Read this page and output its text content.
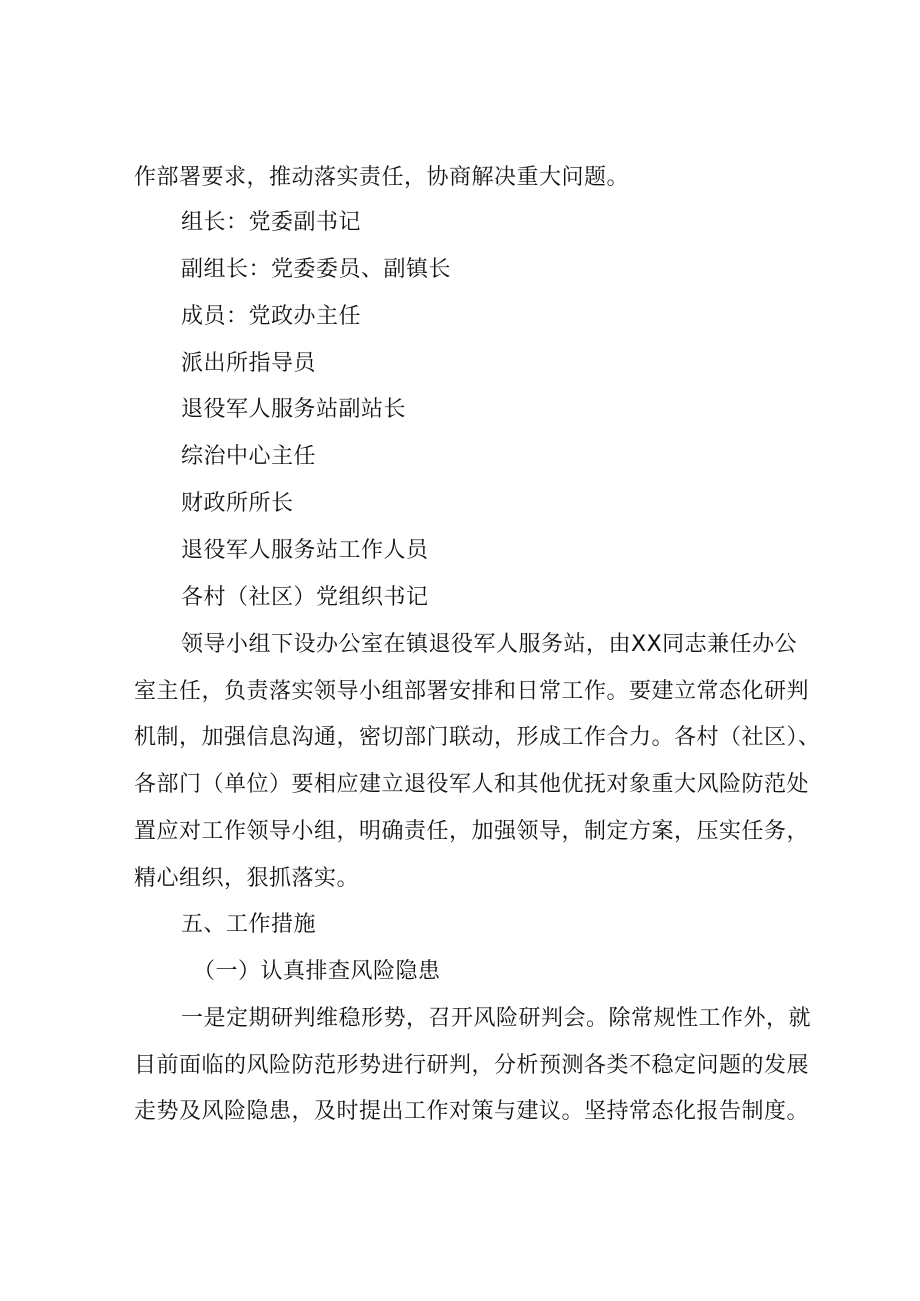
作部署要求，推动落实责任，协商解决重大问题。
组长：党委副书记
副组长：党委委员、副镇长
成员：党政办主任
派出所指导员
退役军人服务站副站长
综治中心主任
财政所所长
退役军人服务站工作人员
各村（社区）党组织书记
领导小组下设办公室在镇退役军人服务站，由XX同志兼任办公
室主任，负责落实领导小组部署安排和日常工作。要建立常态化研判
机制，加强信息沟通，密切部门联动，形成工作合力。各村（社区）、
各部门（单位）要相应建立退役军人和其他优抚对象重大风险防范处
置应对工作领导小组，明确责任，加强领导，制定方案，压实任务，
精心组织，狠抓落实。
五、工作措施
（一）认真排查风险隐患
一是定期研判维稳形势，召开风险研判会。除常规性工作外，就
目前面临的风险防范形势进行研判，分析预测各类不稳定问题的发展
走势及风险隐患，及时提出工作对策与建议。坚持常态化报告制度。
